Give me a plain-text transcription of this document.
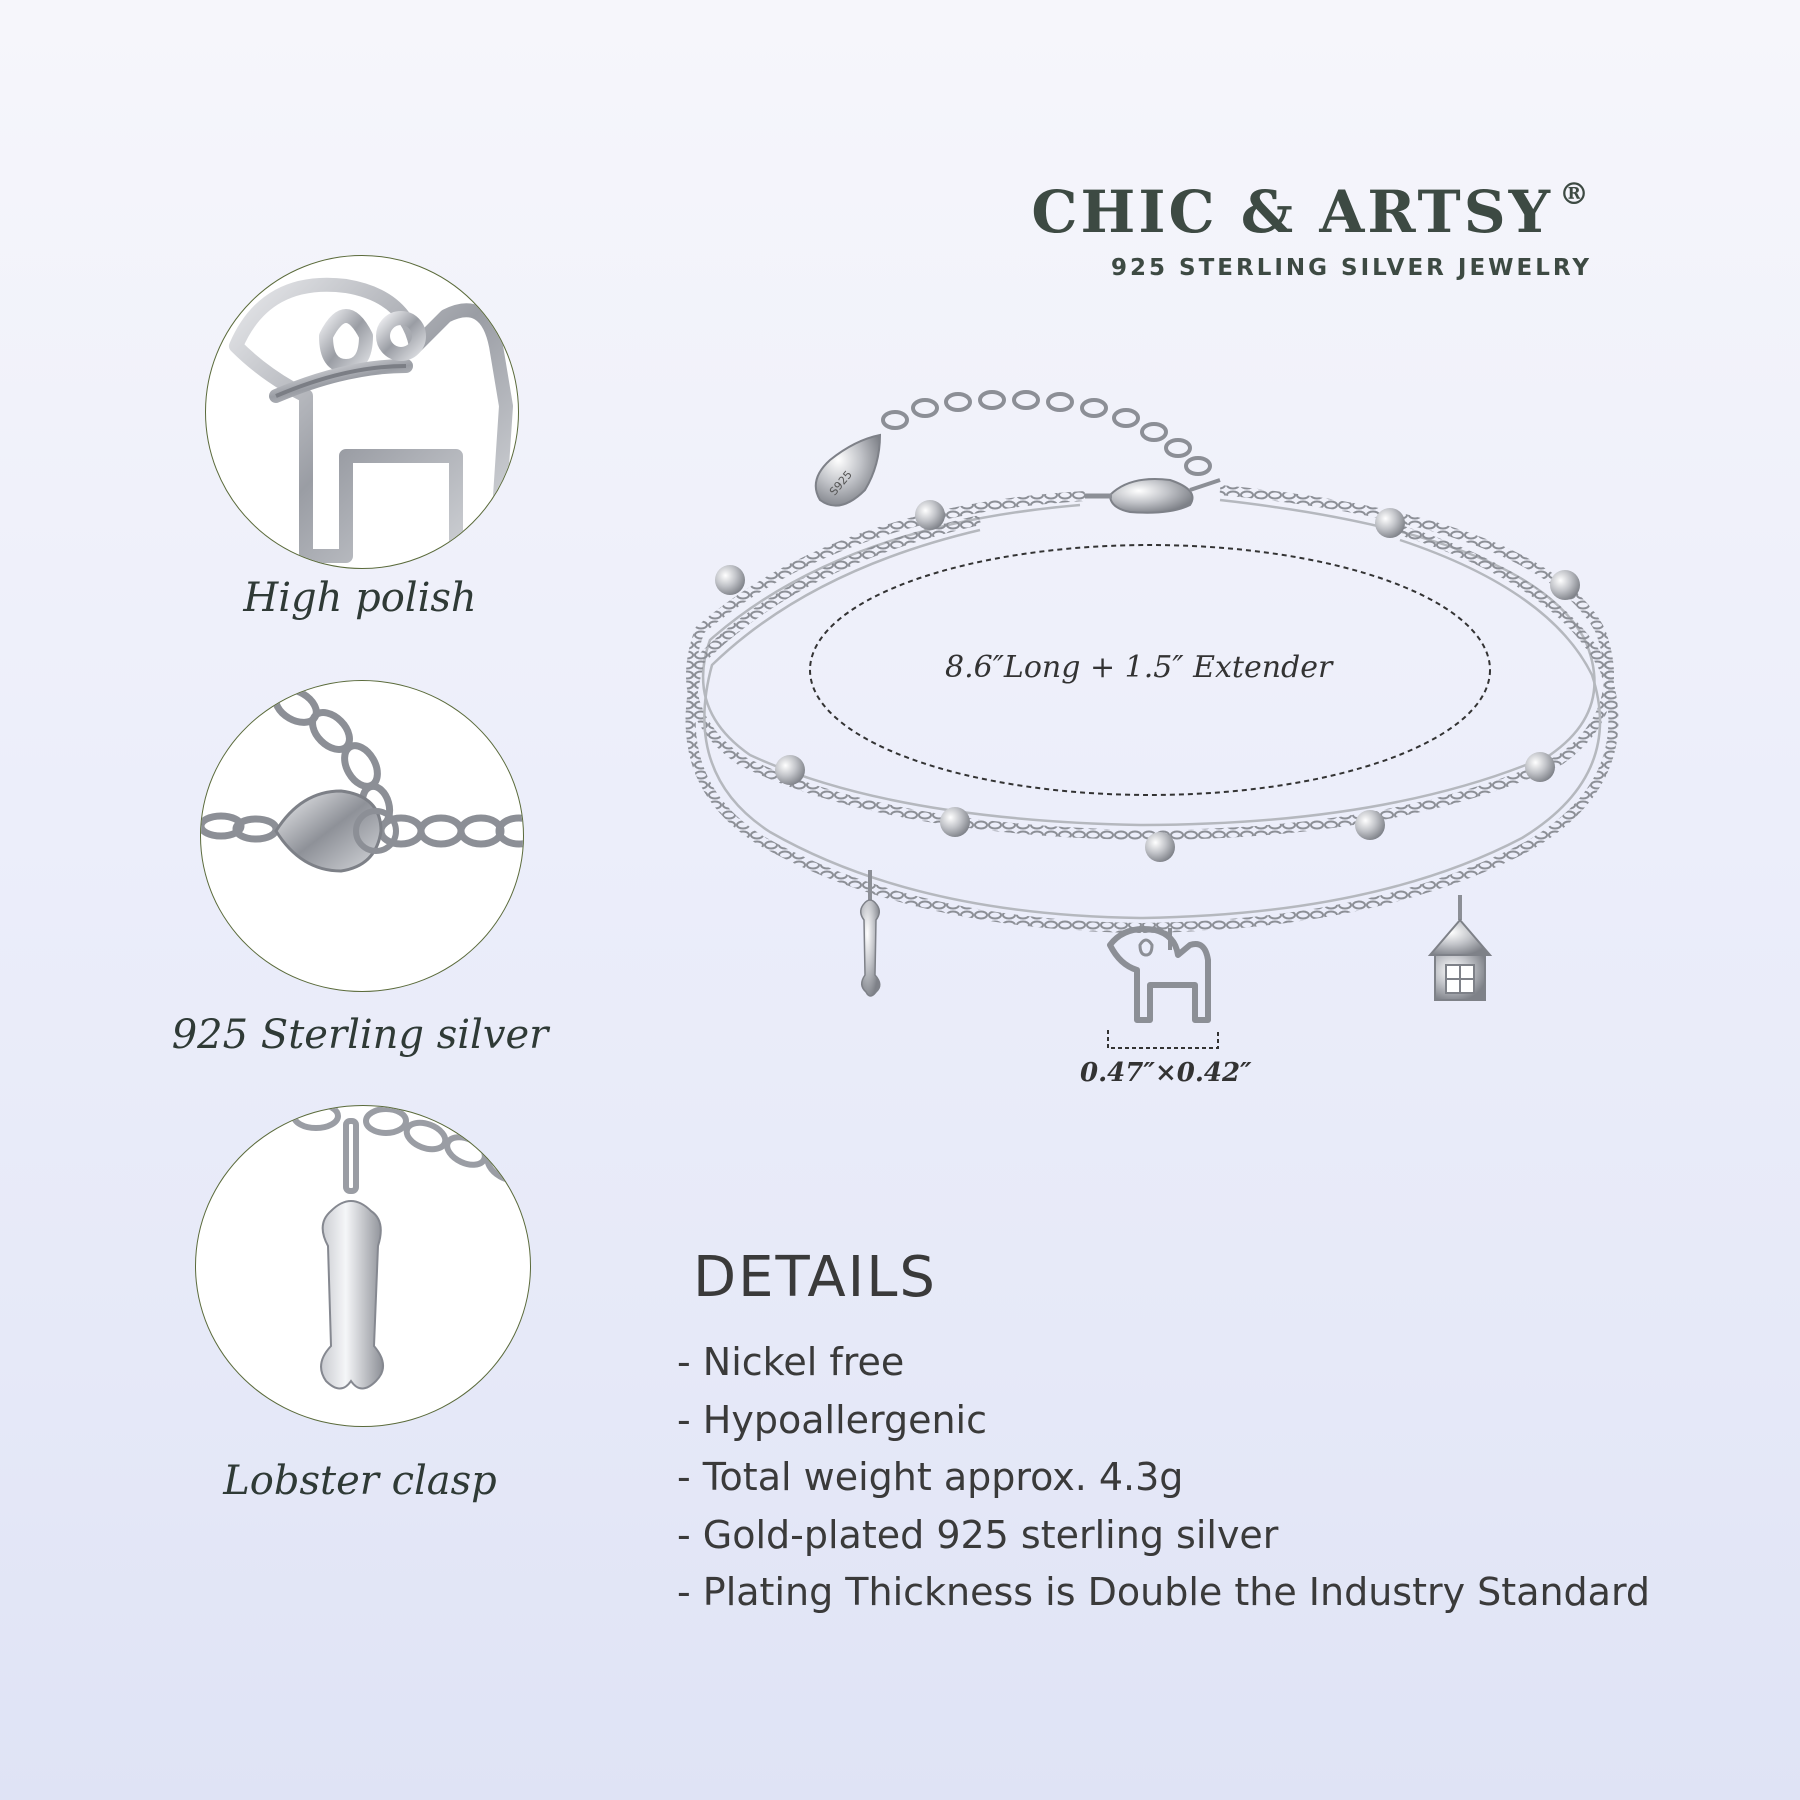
CHIC & ARTSY ®
925 STERLING SILVER JEWELRY
High polish
925 Sterling silver
Lobster clasp
S925
8.6″Long + 1.5″ Extender
0.47″×0.42″
DETAILS
- Nickel free
- Hypoallergenic
- Total weight approx. 4.3g
- Gold-plated 925 sterling silver
- Plating Thickness is Double the Industry Standard
